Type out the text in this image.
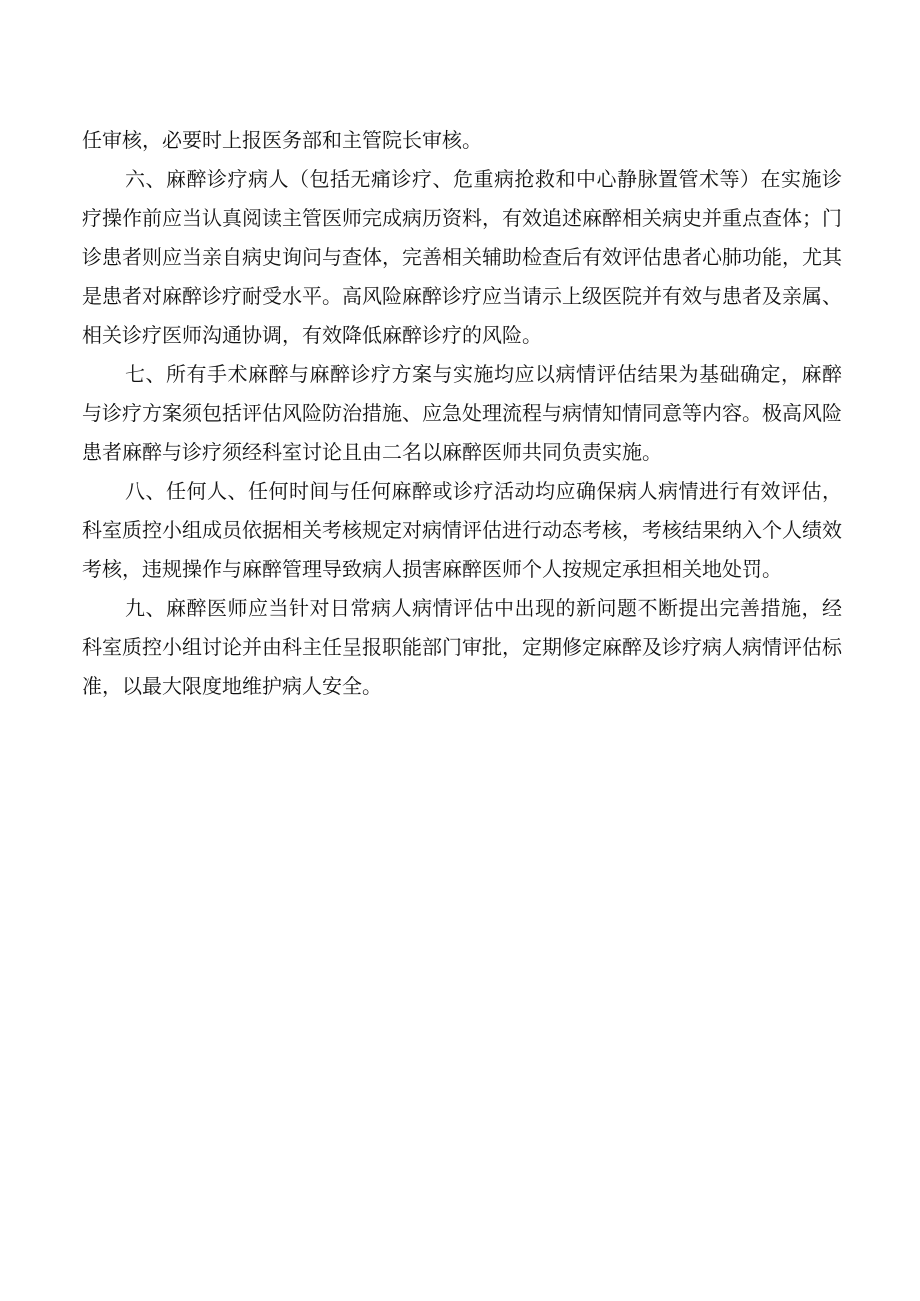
任审核，必要时上报医务部和主管院长审核。

六、麻醉诊疗病人（包括无痛诊疗、危重病抢救和中心静脉置管术等）在实施诊疗操作前应当认真阅读主管医师完成病历资料，有效追述麻醉相关病史并重点查体；门诊患者则应当亲自病史询问与查体，完善相关辅助检查后有效评估患者心肺功能，尤其是患者对麻醉诊疗耐受水平。高风险麻醉诊疗应当请示上级医院并有效与患者及亲属、相关诊疗医师沟通协调，有效降低麻醉诊疗的风险。

七、所有手术麻醉与麻醉诊疗方案与实施均应以病情评估结果为基础确定，麻醉与诊疗方案须包括评估风险防治措施、应急处理流程与病情知情同意等内容。极高风险患者麻醉与诊疗须经科室讨论且由二名以麻醉医师共同负责实施。

八、任何人、任何时间与任何麻醉或诊疗活动均应确保病人病情进行有效评估，科室质控小组成员依据相关考核规定对病情评估进行动态考核，考核结果纳入个人绩效考核，违规操作与麻醉管理导致病人损害麻醉医师个人按规定承担相关地处罚。

九、麻醉医师应当针对日常病人病情评估中出现的新问题不断提出完善措施，经科室质控小组讨论并由科主任呈报职能部门审批，定期修定麻醉及诊疗病人病情评估标准，以最大限度地维护病人安全。
